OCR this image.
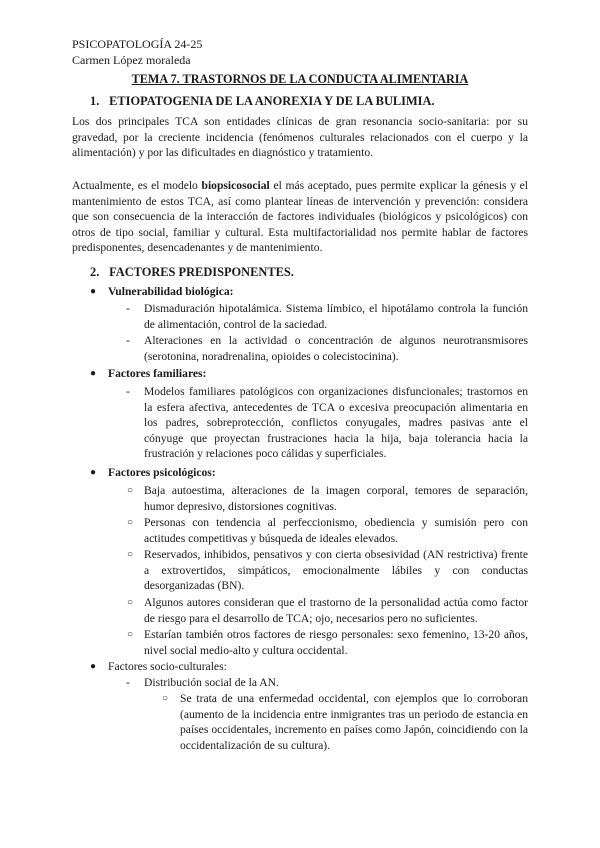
PSICOPATOLOGÍA 24-25
Carmen López moraleda
TEMA 7. TRASTORNOS DE LA CONDUCTA ALIMENTARIA
1. ETIOPATOGENIA DE LA ANOREXIA Y DE LA BULIMIA.

Los dos principales TCA son entidades clínicas de gran resonancia socio-sanitaria: por su gravedad, por la creciente incidencia (fenómenos culturales relacionados con el cuerpo y la alimentación) y por las dificultades en diagnóstico y tratamiento.

Actualmente, es el modelo biopsicosocial el más aceptado, pues permite explicar la génesis y el mantenimiento de estos TCA, así como plantear líneas de intervención y prevención: considera que son consecuencia de la interacción de factores individuales (biológicos y psicológicos) con otros de tipo social, familiar y cultural. Esta multifactorialidad nos permite hablar de factores predisponentes, desencadenantes y de mantenimiento.

2. FACTORES PREDISPONENTES.
● Vulnerabilidad biológica:
- Dismaduración hipotalámica. Sistema límbico, el hipotálamo controla la función de alimentación, control de la saciedad.
- Alteraciones en la actividad o concentración de algunos neurotransmisores (serotonina, noradrenalina, opioides o colecistocinina).
● Factores familiares:
- Modelos familiares patológicos con organizaciones disfuncionales; trastornos en la esfera afectiva, antecedentes de TCA o excesiva preocupación alimentaria en los padres, sobreprotección, conflictos conyugales, madres pasivas ante el cónyuge que proyectan frustraciones hacia la hija, baja tolerancia hacia la frustración y relaciones poco cálidas y superficiales.
● Factores psicológicos:
○ Baja autoestima, alteraciones de la imagen corporal, temores de separación, humor depresivo, distorsiones cognitivas.
○ Personas con tendencia al perfeccionismo, obediencia y sumisión pero con actitudes competitivas y búsqueda de ideales elevados.
○ Reservados, inhibidos, pensativos y con cierta obsesividad (AN restrictiva) frente a extrovertidos, simpáticos, emocionalmente lábiles y con conductas desorganizadas (BN).
○ Algunos autores consideran que el trastorno de la personalidad actúa como factor de riesgo para el desarrollo de TCA; ojo, necesarios pero no suficientes.
○ Estarían también otros factores de riesgo personales: sexo femenino, 13-20 años, nivel social medio-alto y cultura occidental.
● Factores socio-culturales:
- Distribución social de la AN.
○ Se trata de una enfermedad occidental, con ejemplos que lo corroboran (aumento de la incidencia entre inmigrantes tras un periodo de estancia en países occidentales, incremento en países como Japón, coincidiendo con la occidentalización de su cultura).
